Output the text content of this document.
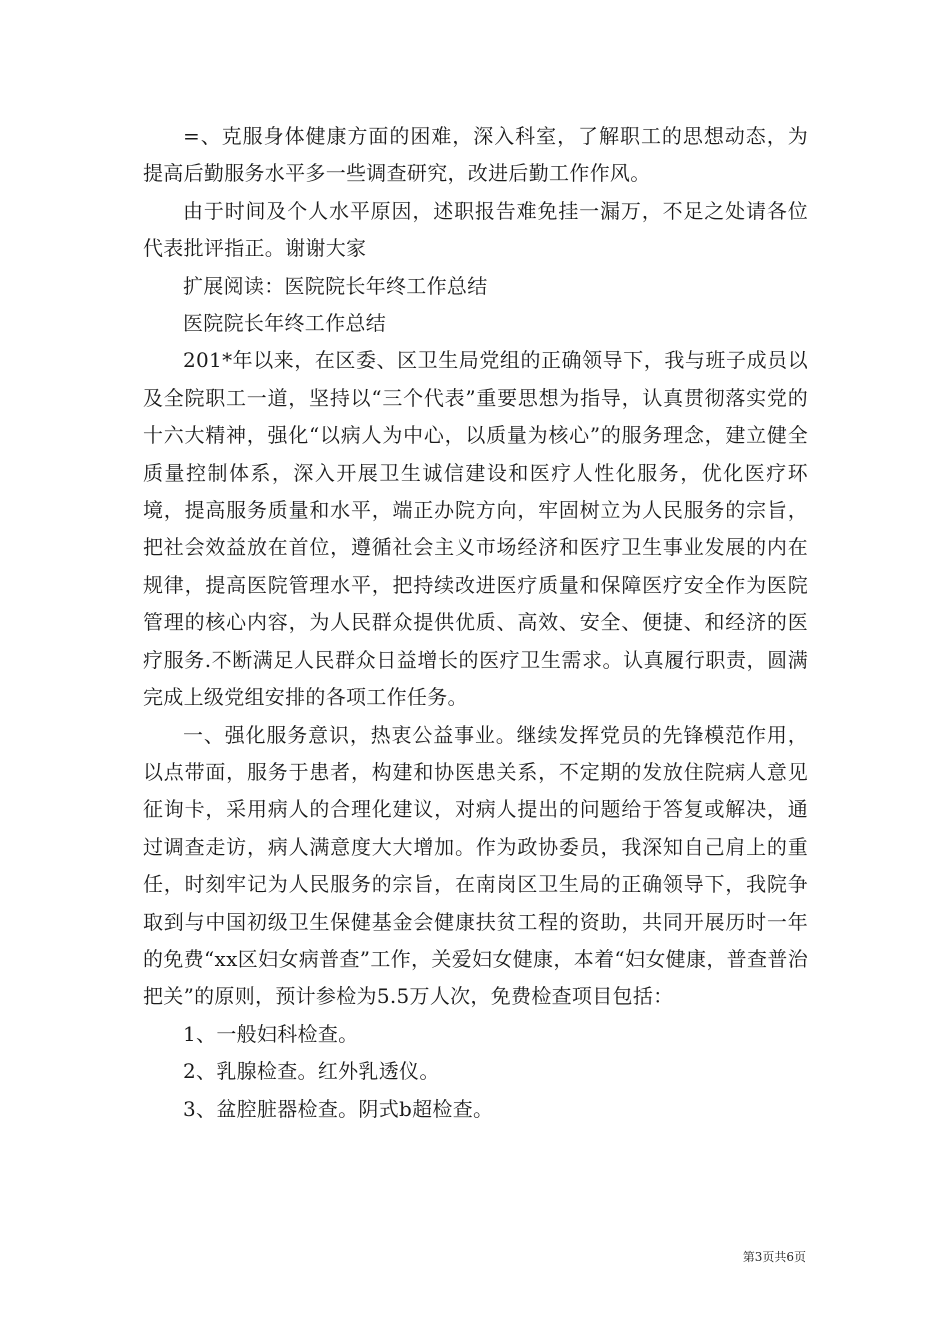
=、克服身体健康方面的困难，深入科室，了解职工的思想动态，为提高后勤服务水平多一些调查研究，改进后勤工作作风。

由于时间及个人水平原因，述职报告难免挂一漏万，不足之处请各位代表批评指正。谢谢大家

扩展阅读：医院院长年终工作总结

医院院长年终工作总结

201*年以来，在区委、区卫生局党组的正确领导下，我与班子成员以及全院职工一道，坚持以“三个代表”重要思想为指导，认真贯彻落实党的十六大精神，强化“以病人为中心，以质量为核心”的服务理念，建立健全质量控制体系，深入开展卫生诚信建设和医疗人性化服务，优化医疗环境，提高服务质量和水平，端正办院方向，牢固树立为人民服务的宗旨，把社会效益放在首位，遵循社会主义市场经济和医疗卫生事业发展的内在规律，提高医院管理水平，把持续改进医疗质量和保障医疗安全作为医院管理的核心内容，为人民群众提供优质、高效、安全、便捷、和经济的医疗服务.不断满足人民群众日益增长的医疗卫生需求。认真履行职责，圆满完成上级党组安排的各项工作任务。

一、强化服务意识，热衷公益事业。继续发挥党员的先锋模范作用，以点带面，服务于患者，构建和协医患关系，不定期的发放住院病人意见征询卡，采用病人的合理化建议，对病人提出的问题给于答复或解决，通过调查走访，病人满意度大大增加。作为政协委员，我深知自己肩上的重任，时刻牢记为人民服务的宗旨，在南岗区卫生局的正确领导下，我院争取到与中国初级卫生保健基金会健康扶贫工程的资助，共同开展历时一年的免费“xx区妇女病普查”工作，关爱妇女健康，本着“妇女健康，普查普治把关”的原则，预计参检为5.5万人次，免费检查项目包括：

1、一般妇科检查。

2、乳腺检查。红外乳透仪。

3、盆腔脏器检查。阴式b超检查。

第3页共6页
